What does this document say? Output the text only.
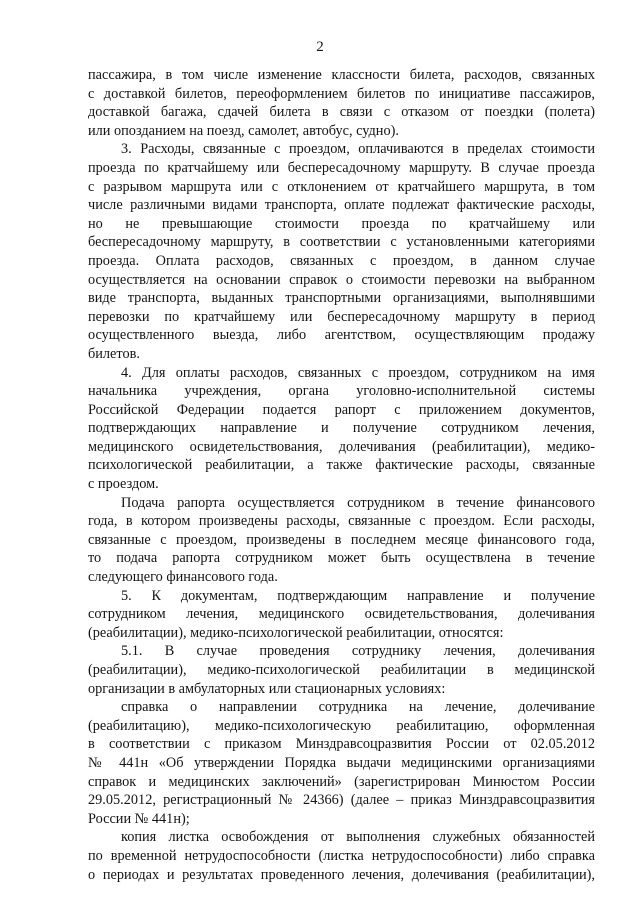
2
пассажира, в том числе изменение классности билета, расходов, связанных
с доставкой билетов, переоформлением билетов по инициативе пассажиров,
доставкой багажа, сдачей билета в связи с отказом от поездки (полета)
или опозданием на поезд, самолет, автобус, судно).
3. Расходы, связанные с проездом, оплачиваются в пределах стоимости
проезда по кратчайшему или беспересадочному маршруту. В случае проезда
с разрывом маршрута или с отклонением от кратчайшего маршрута, в том
числе различными видами транспорта, оплате подлежат фактические расходы,
но не превышающие стоимости проезда по кратчайшему или
беспересадочному маршруту, в соответствии с установленными категориями
проезда. Оплата расходов, связанных с проездом, в данном случае
осуществляется на основании справок о стоимости перевозки на выбранном
виде транспорта, выданных транспортными организациями, выполнявшими
перевозки по кратчайшему или беспересадочному маршруту в период
осуществленного выезда, либо агентством, осуществляющим продажу
билетов.
4. Для оплаты расходов, связанных с проездом, сотрудником на имя
начальника учреждения, органа уголовно-исполнительной системы
Российской Федерации подается рапорт с приложением документов,
подтверждающих направление и получение сотрудником лечения,
медицинского освидетельствования, долечивания (реабилитации), медико-
психологической реабилитации, а также фактические расходы, связанные
с проездом.
Подача рапорта осуществляется сотрудником в течение финансового
года, в котором произведены расходы, связанные с проездом. Если расходы,
связанные с проездом, произведены в последнем месяце финансового года,
то подача рапорта сотрудником может быть осуществлена в течение
следующего финансового года.
5. К документам, подтверждающим направление и получение
сотрудником лечения, медицинского освидетельствования, долечивания
(реабилитации), медико-психологической реабилитации, относятся:
5.1. В случае проведения сотруднику лечения, долечивания
(реабилитации), медико-психологической реабилитации в медицинской
организации в амбулаторных или стационарных условиях:
справка о направлении сотрудника на лечение, долечивание
(реабилитацию), медико-психологическую реабилитацию, оформленная
в соответствии с приказом Минздравсоцразвития России от 02.05.2012
№ 441н «Об утверждении Порядка выдачи медицинскими организациями
справок и медицинских заключений» (зарегистрирован Минюстом России
29.05.2012, регистрационный № 24366) (далее – приказ Минздравсоцразвития
России № 441н);
копия листка освобождения от выполнения служебных обязанностей
по временной нетрудоспособности (листка нетрудоспособности) либо справка
о периодах и результатах проведенного лечения, долечивания (реабилитации),
